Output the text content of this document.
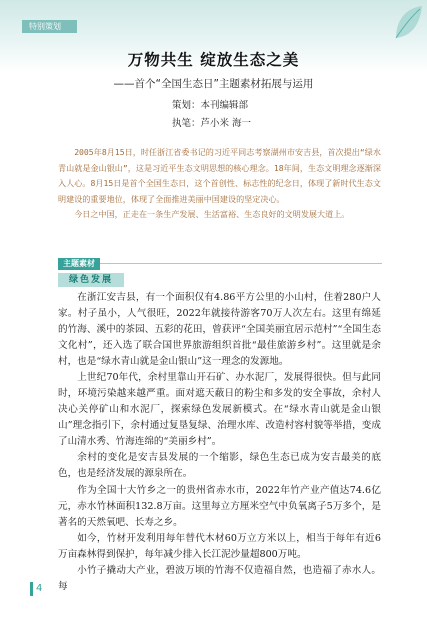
特别策划
万物共生 绽放生态之美
——首个“全国生态日”主题素材拓展与运用
策划：本刊编辑部
执笔：芦小米 海一

2005年8月15日，时任浙江省委书记的习近平同志考察湖州市安吉县，首次提出“绿水青山就是金山银山”，这是习近平生态文明思想的核心理念。18年间，生态文明理念逐渐深入人心。8月15日是首个全国生态日，这个首创性、标志性的纪念日，体现了新时代生态文明建设的重要地位，体现了全面推进美丽中国建设的坚定决心。

今日之中国，正走在一条生产发展、生活富裕、生态良好的文明发展大道上。

主题素材
绿色发展

在浙江安吉县，有一个面积仅有4.86平方公里的小山村，住着280户人家。村子虽小，人气很旺，2022年就接待游客70万人次左右。这里有绵延的竹海、溪中的茶园、五彩的花田，曾获评“全国美丽宜居示范村”“全国生态文化村”，还入选了联合国世界旅游组织首批“最佳旅游乡村”。这里就是余村，也是“绿水青山就是金山银山”这一理念的发源地。

上世纪70年代，余村里靠山开石矿、办水泥厂，发展得很快。但与此同时，环境污染越来越严重。面对遮天蔽日的粉尘和多发的安全事故，余村人决心关停矿山和水泥厂，探索绿色发展新模式。在“绿水青山就是金山银山”理念指引下，余村通过复垦复绿、治理水库、改造村容村貌等举措，变成了山清水秀、竹海连绵的“美丽乡村”。

余村的变化是安吉县发展的一个缩影，绿色生态已成为安吉最美的底色，也是经济发展的源泉所在。

作为全国十大竹乡之一的贵州省赤水市，2022年竹产业产值达74.6亿元，赤水竹林面积132.8万亩。这里每立方厘米空气中负氧离子5万多个，是著名的天然氧吧、长寿之乡。

如今，竹材开发利用每年替代木材60万立方米以上，相当于每年有近6万亩森林得到保护，每年减少排入长江泥沙量超800万吨。

小竹子撬动大产业，碧波万顷的竹海不仅造福自然，也造福了赤水人。每

4
